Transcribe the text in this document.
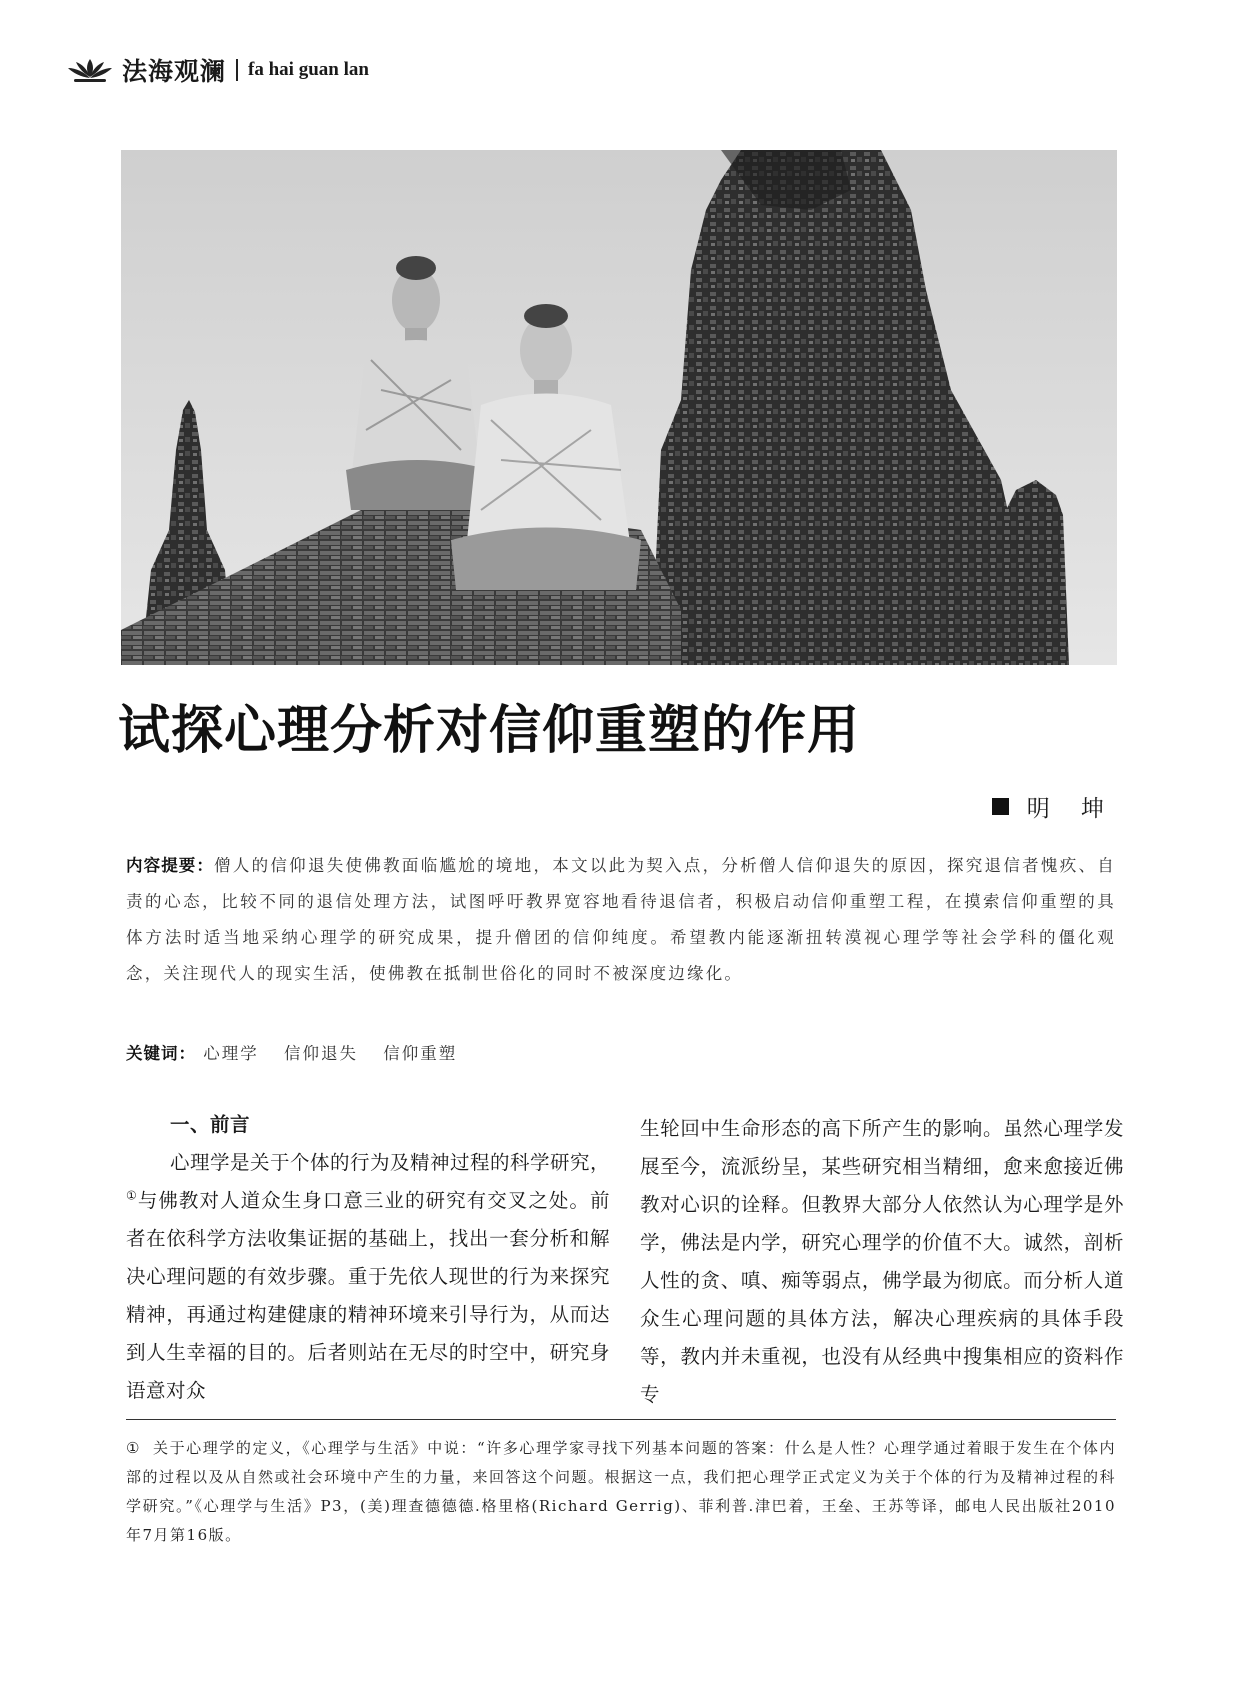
法海观澜 fa hai guan lan
试探心理分析对信仰重塑的作用
明 坤
内容提要：僧人的信仰退失使佛教面临尴尬的境地，本文以此为契入点，分析僧人信仰退失的原因，探究退信者愧疚、自责的心态，比较不同的退信处理方法，试图呼吁教界宽容地看待退信者，积极启动信仰重塑工程，在摸索信仰重塑的具体方法时适当地采纳心理学的研究成果，提升僧团的信仰纯度。希望教内能逐渐扭转漠视心理学等社会学科的僵化观念，关注现代人的现实生活，使佛教在抵制世俗化的同时不被深度边缘化。
关键词： 心理学 信仰退失 信仰重塑
一、前言

心理学是关于个体的行为及精神过程的科学研究，①与佛教对人道众生身口意三业的研究有交叉之处。前者在依科学方法收集证据的基础上，找出一套分析和解决心理问题的有效步骤。重于先依人现世的行为来探究精神，再通过构建健康的精神环境来引导行为，从而达到人生幸福的目的。后者则站在无尽的时空中，研究身语意对众

生轮回中生命形态的高下所产生的影响。虽然心理学发展至今，流派纷呈，某些研究相当精细，愈来愈接近佛教对心识的诠释。但教界大部分人依然认为心理学是外学，佛法是内学，研究心理学的价值不大。诚然，剖析人性的贪、嗔、痴等弱点，佛学最为彻底。而分析人道众生心理问题的具体方法，解决心理疾病的具体手段等，教内并未重视，也没有从经典中搜集相应的资料作专

① 关于心理学的定义，《心理学与生活》中说：“许多心理学家寻找下列基本问题的答案：什么是人性？心理学通过着眼于发生在个体内部的过程以及从自然或社会环境中产生的力量，来回答这个问题。根据这一点，我们把心理学正式定义为关于个体的行为及精神过程的科学研究。”《心理学与生活》P3，(美)理查德德德.格里格(Richard Gerrig)、菲利普.津巴着，王垒、王苏等译，邮电人民出版社2010年7月第16版。
